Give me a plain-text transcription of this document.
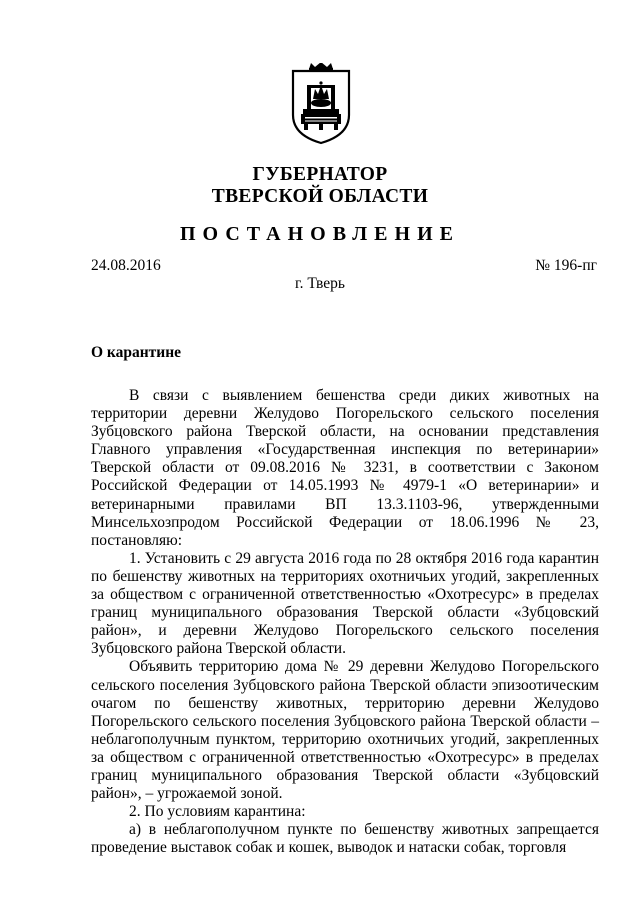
ГУБЕРНАТОР
ТВЕРСКОЙ ОБЛАСТИ
ПОСТАНОВЛЕНИЕ
24.08.2016	№ 196-пг
г. Тверь
О карантине

В связи с выявлением бешенства среди диких животных на территории деревни Желудово Погорельского сельского поселения Зубцовского района Тверской области, на основании представления Главного управления «Государственная инспекция по ветеринарии» Тверской области от 09.08.2016 № 3231, в соответствии с Законом Российской Федерации от 14.05.1993 № 4979-1 «О ветеринарии» и ветеринарными правилами ВП 13.3.1103-96, утвержденными Минсельхозпродом Российской Федерации от 18.06.1996 № 23, постановляю:

1. Установить с 29 августа 2016 года по 28 октября 2016 года карантин по бешенству животных на территориях охотничьих угодий, закрепленных за обществом с ограниченной ответственностью «Охотресурс» в пределах границ муниципального образования Тверской области «Зубцовский район», и деревни Желудово Погорельского сельского поселения Зубцовского района Тверской области.

Объявить территорию дома № 29 деревни Желудово Погорельского сельского поселения Зубцовского района Тверской области эпизоотическим очагом по бешенству животных, территорию деревни Желудово Погорельского сельского поселения Зубцовского района Тверской области – неблагополучным пунктом, территорию охотничьих угодий, закрепленных за обществом с ограниченной ответственностью «Охотресурс» в пределах границ муниципального образования Тверской области «Зубцовский район», – угрожаемой зоной.

2. По условиям карантина:

а) в неблагополучном пункте по бешенству животных запрещается проведение выставок собак и кошек, выводок и натаски собак, торговля
